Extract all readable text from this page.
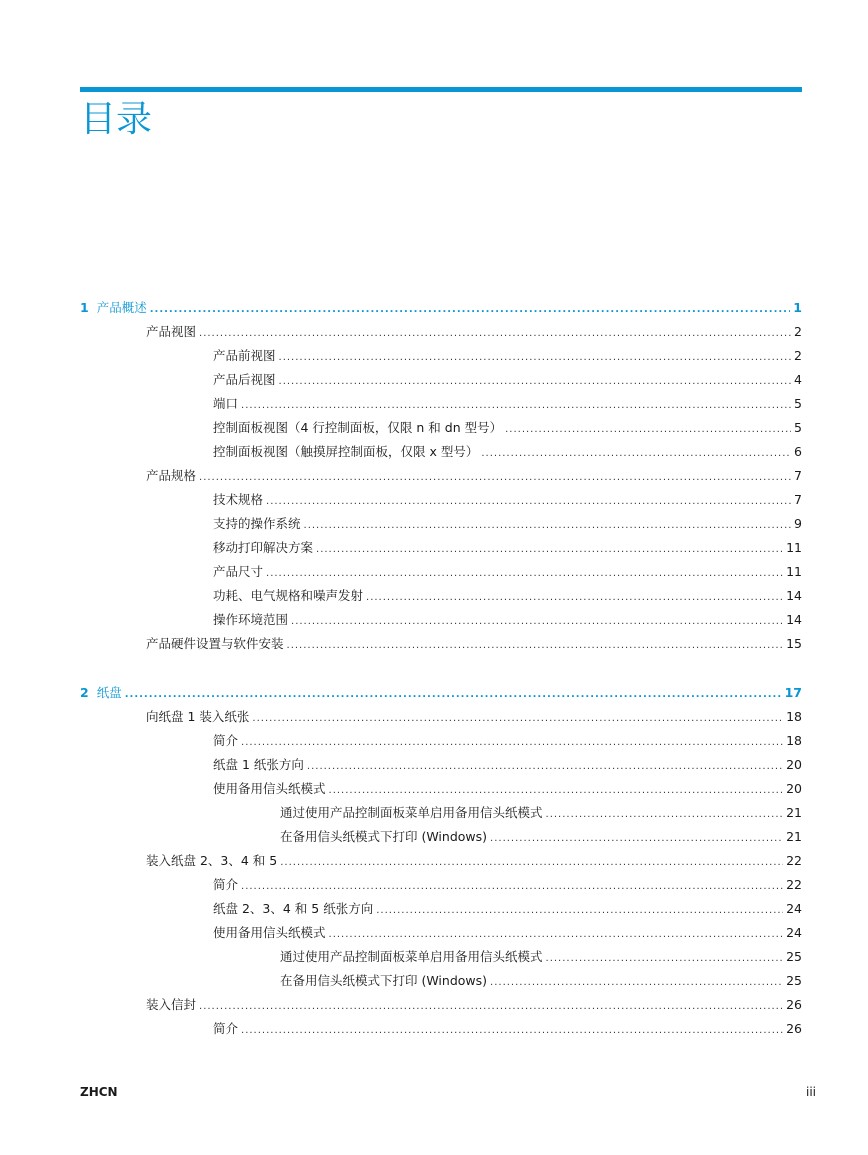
目录
1 产品概述 .....	1
产品视图 .....	2
产品前视图 .....	2
产品后视图 .....	4
端口 .....	5
控制面板视图（4 行控制面板，仅限 n 和 dn 型号） .....	5
控制面板视图（触摸屏控制面板，仅限 x 型号） .....	6
产品规格 .....	7
技术规格 .....	7
支持的操作系统 .....	9
移动打印解决方案 .....	11
产品尺寸 .....	11
功耗、电气规格和噪声发射 .....	14
操作环境范围 .....	14
产品硬件设置与软件安装 .....	15
2 纸盘 .....	17
向纸盘 1 装入纸张 .....	18
简介 .....	18
纸盘 1 纸张方向 .....	20
使用备用信头纸模式 .....	20
通过使用产品控制面板菜单启用备用信头纸模式 .....	21
在备用信头纸模式下打印 (Windows) .....	21
装入纸盘 2、3、4 和 5 .....	22
简介 .....	22
纸盘 2、3、4 和 5 纸张方向 .....	24
使用备用信头纸模式 .....	24
通过使用产品控制面板菜单启用备用信头纸模式 .....	25
在备用信头纸模式下打印 (Windows) .....	25
装入信封 .....	26
简介 .....	26
ZHCN	iii
